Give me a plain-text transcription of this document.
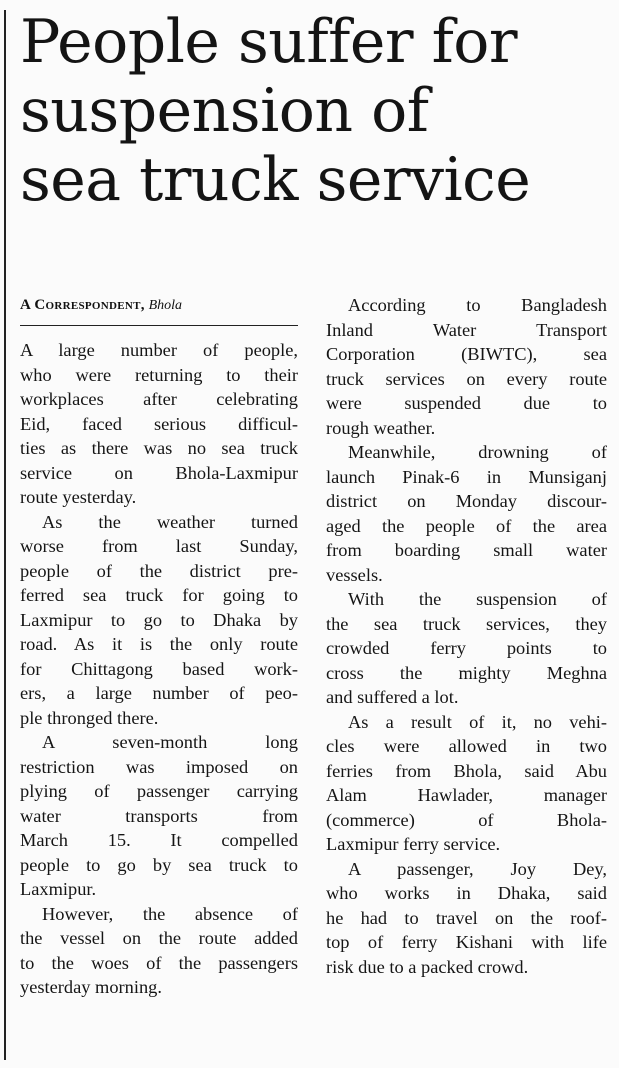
People suffer for
suspension of
sea truck service
A Correspondent, Bhola
A large number of people,
who were returning to their
workplaces after celebrating
Eid, faced serious difficul-
ties as there was no sea truck
service on Bhola-Laxmipur
route yesterday.
As the weather turned
worse from last Sunday,
people of the district pre-
ferred sea truck for going to
Laxmipur to go to Dhaka by
road. As it is the only route
for Chittagong based work-
ers, a large number of peo-
ple thronged there.
A seven-month long
restriction was imposed on
plying of passenger carrying
water transports from
March 15. It compelled
people to go by sea truck to
Laxmipur.
However, the absence of
the vessel on the route added
to the woes of the passengers
yesterday morning.
According to Bangladesh
Inland Water Transport
Corporation (BIWTC), sea
truck services on every route
were suspended due to
rough weather.
Meanwhile, drowning of
launch Pinak-6 in Munsiganj
district on Monday discour-
aged the people of the area
from boarding small water
vessels.
With the suspension of
the sea truck services, they
crowded ferry points to
cross the mighty Meghna
and suffered a lot.
As a result of it, no vehi-
cles were allowed in two
ferries from Bhola, said Abu
Alam Hawlader, manager
(commerce) of Bhola-
Laxmipur ferry service.
A passenger, Joy Dey,
who works in Dhaka, said
he had to travel on the roof-
top of ferry Kishani with life
risk due to a packed crowd.
